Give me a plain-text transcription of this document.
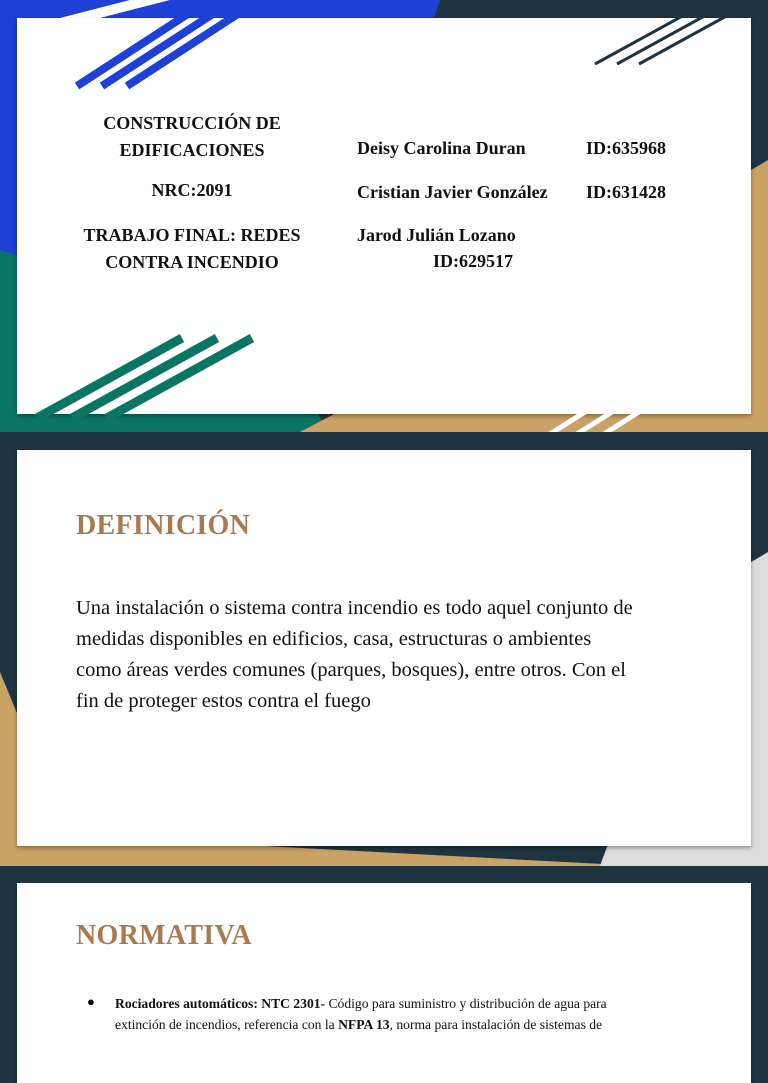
CONSTRUCCIÓN DE
EDIFICACIONES
NRC:2091
TRABAJO FINAL: REDES
CONTRA INCENDIO
Deisy Carolina Duran	ID:635968
Cristian Javier González ID:631428
Jarod Julián Lozano
ID:629517
DEFINICIÓN
Una instalación o sistema contra incendio es todo aquel conjunto de
medidas disponibles en edificios, casa, estructuras o ambientes
como áreas verdes comunes (parques, bosques), entre otros. Con el
fin de proteger estos contra el fuego
NORMATIVA
● Rociadores automáticos: NTC 2301- Código para suministro y distribución de agua para
extinción de incendios, referencia con la NFPA 13, norma para instalación de sistemas de
